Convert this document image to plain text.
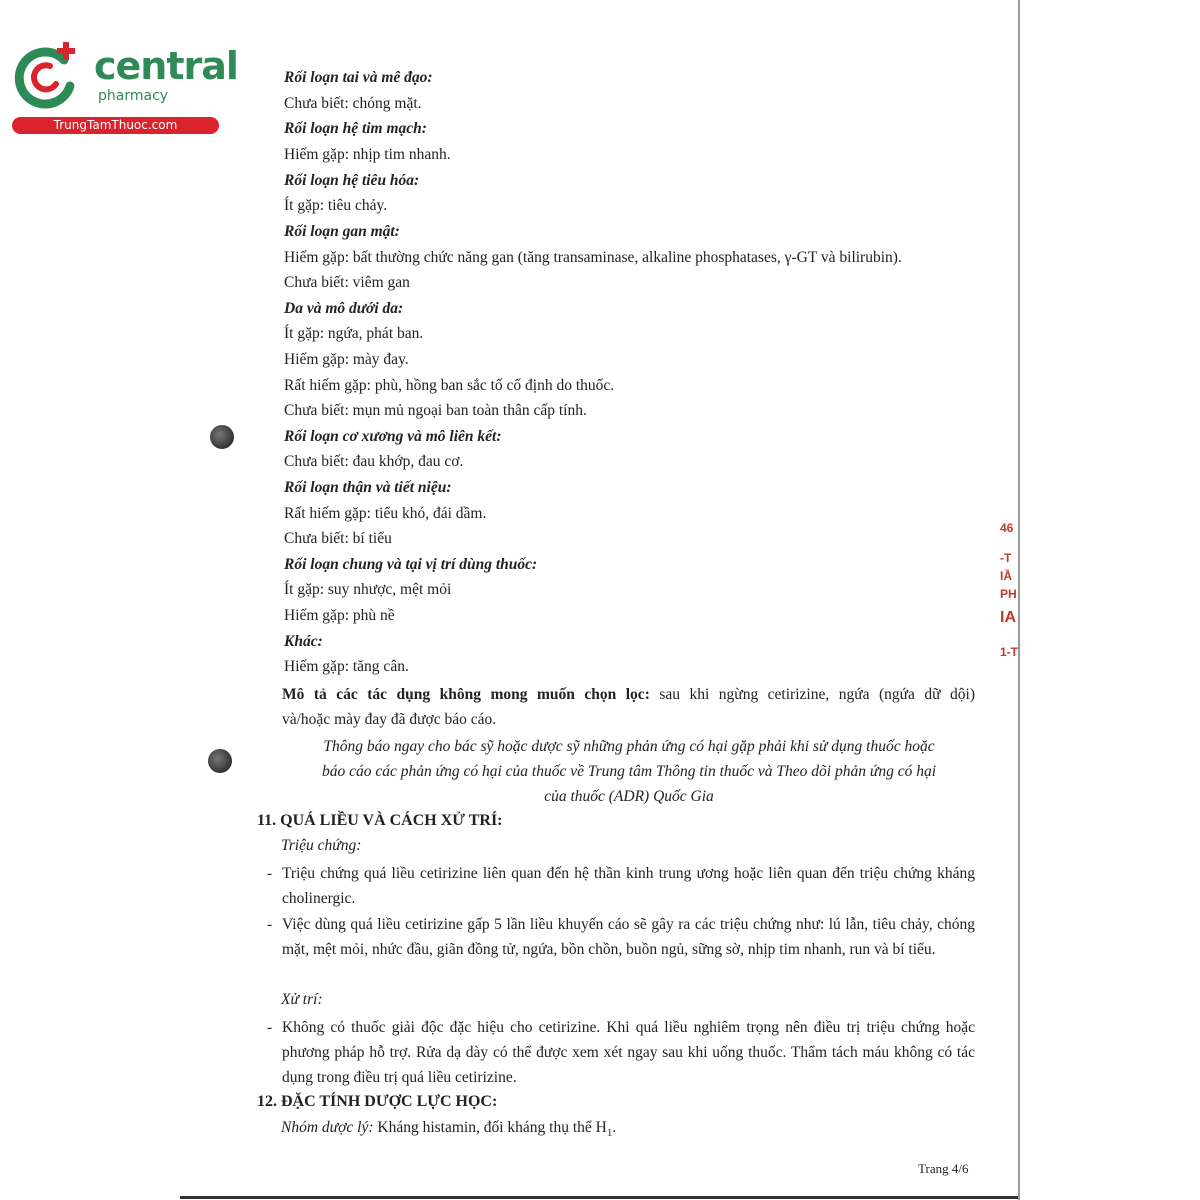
central
pharmacy
TrungTamThuoc.com
46
-T
IẦ
PH
IA
1-T
Rối loạn tai và mê đạo:
Chưa biết: chóng mặt.
Rối loạn hệ tim mạch:
Hiếm gặp: nhịp tim nhanh.
Rối loạn hệ tiêu hóa:
Ít gặp: tiêu chảy.
Rối loạn gan mật:
Hiếm gặp: bất thường chức năng gan (tăng transaminase, alkaline phosphatases, γ-GT và bilirubin).
Chưa biết: viêm gan
Da và mô dưới da:
Ít gặp: ngứa, phát ban.
Hiếm gặp: mày đay.
Rất hiếm gặp: phù, hồng ban sắc tố cố định do thuốc.
Chưa biết: mụn mủ ngoại ban toàn thân cấp tính.
Rối loạn cơ xương và mô liên kết:
Chưa biết: đau khớp, đau cơ.
Rối loạn thận và tiết niệu:
Rất hiếm gặp: tiểu khó, đái dầm.
Chưa biết: bí tiểu
Rối loạn chung và tại vị trí dùng thuốc:
Ít gặp: suy nhược, mệt mỏi
Hiếm gặp: phù nề
Khác:
Hiếm gặp: tăng cân.
Mô tả các tác dụng không mong muốn chọn lọc: sau khi ngừng cetirizine, ngứa (ngứa dữ dội)
và/hoặc mày đay đã được báo cáo.
Thông báo ngay cho bác sỹ hoặc dược sỹ những phản ứng có hại gặp phải khi sử dụng thuốc hoặc
báo cáo các phản ứng có hại của thuốc về Trung tâm Thông tin thuốc và Theo dõi phản ứng có hại
của thuốc (ADR) Quốc Gia
11. QUÁ LIỀU VÀ CÁCH XỬ TRÍ:
Triệu chứng:
- Triệu chứng quá liều cetirizine liên quan đến hệ thần kinh trung ương hoặc liên quan đến triệu chứng kháng cholinergic.
- Việc dùng quá liều cetirizine gấp 5 lần liều khuyến cáo sẽ gây ra các triệu chứng như: lú lẫn, tiêu chảy, chóng mặt, mệt mỏi, nhức đầu, giãn đồng tử, ngứa, bồn chồn, buồn ngủ, sững sờ, nhịp tim nhanh, run và bí tiểu.
Xử trí:
- Không có thuốc giải độc đặc hiệu cho cetirizine. Khi quá liều nghiêm trọng nên điều trị triệu chứng hoặc phương pháp hỗ trợ. Rửa dạ dày có thể được xem xét ngay sau khi uống thuốc. Thẩm tách máu không có tác dụng trong điều trị quá liều cetirizine.
12. ĐẶC TÍNH DƯỢC LỰC HỌC:
Nhóm dược lý: Kháng histamin, đối kháng thụ thể $H_1$.
Trang 4/6
